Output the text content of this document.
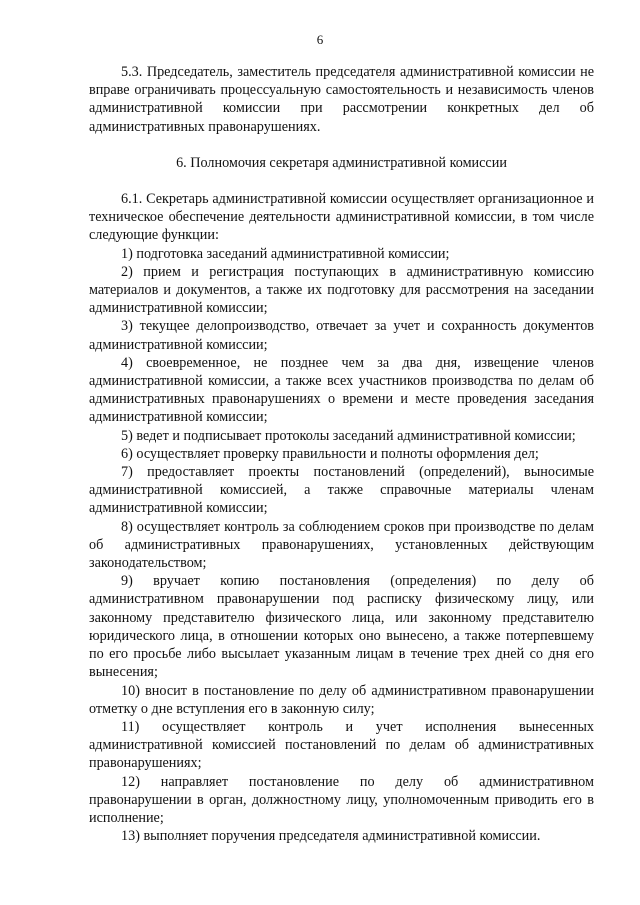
6

5.3. Председатель, заместитель председателя административной комиссии не вправе ограничивать процессуальную самостоятельность и независимость членов административной комиссии при рассмотрении конкретных дел об административных правонарушениях.

6. Полномочия секретаря административной комиссии

6.1. Секретарь административной комиссии осуществляет организационное и техническое обеспечение деятельности административной комиссии, в том числе следующие функции:

1) подготовка заседаний административной комиссии;

2) прием и регистрация поступающих в административную комиссию материалов и документов, а также их подготовку для рассмотрения на заседании административной комиссии;

3) текущее делопроизводство, отвечает за учет и сохранность документов административной комиссии;

4) своевременное, не позднее чем за два дня, извещение членов административной комиссии, а также всех участников производства по делам об административных правонарушениях о времени и месте проведения заседания административной комиссии;

5) ведет и подписывает протоколы заседаний административной комиссии;

6) осуществляет проверку правильности и полноты оформления дел;

7) предоставляет проекты постановлений (определений), выносимые административной комиссией, а также справочные материалы членам административной комиссии;

8) осуществляет контроль за соблюдением сроков при производстве по делам об административных правонарушениях, установленных действующим законодательством;

9) вручает копию постановления (определения) по делу об административном правонарушении под расписку физическому лицу, или законному представителю физического лица, или законному представителю юридического лица, в отношении которых оно вынесено, а также потерпевшему по его просьбе либо высылает указанным лицам в течение трех дней со дня его вынесения;

10) вносит в постановление по делу об административном правонарушении отметку о дне вступления его в законную силу;

11) осуществляет контроль и учет исполнения вынесенных административной комиссией постановлений по делам об административных правонарушениях;

12) направляет постановление по делу об административном правонарушении в орган, должностному лицу, уполномоченным приводить его в исполнение;

13) выполняет поручения председателя административной комиссии.
